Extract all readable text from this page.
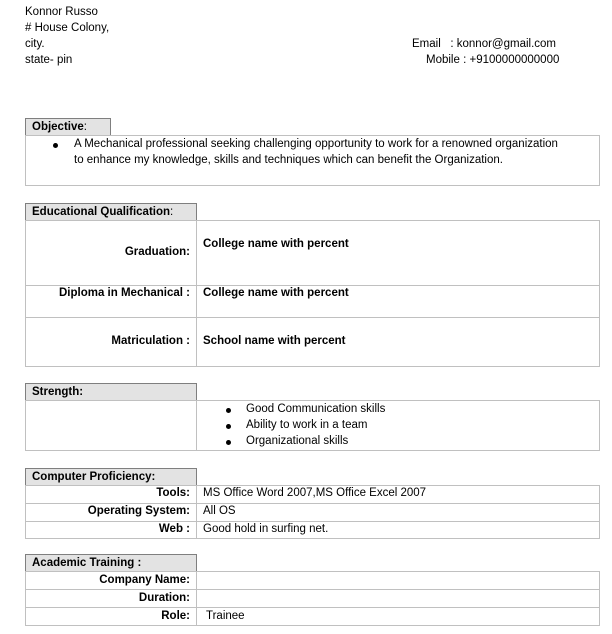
Konnor Russo
# House Colony,
city.
state- pin
Email : konnor@gmail.com
Mobile : +9100000000000
Objective:
A Mechanical professional seeking challenging opportunity to work for a renowned organization
to enhance my knowledge, skills and techniques which can benefit the Organization.
Educational Qualification:
Graduation:
College name with percent
Diploma in Mechanical : College name with percent
Matriculation : School name with percent
Strength:
Good Communication skills
Ability to work in a team
Organizational skills
Computer Proficiency:
Tools: MS Office Word 2007,MS Office Excel 2007
Operating System: All OS
Web : Good hold in surfing net.
Academic Training :
Company Name:
Duration:
Role: Trainee
